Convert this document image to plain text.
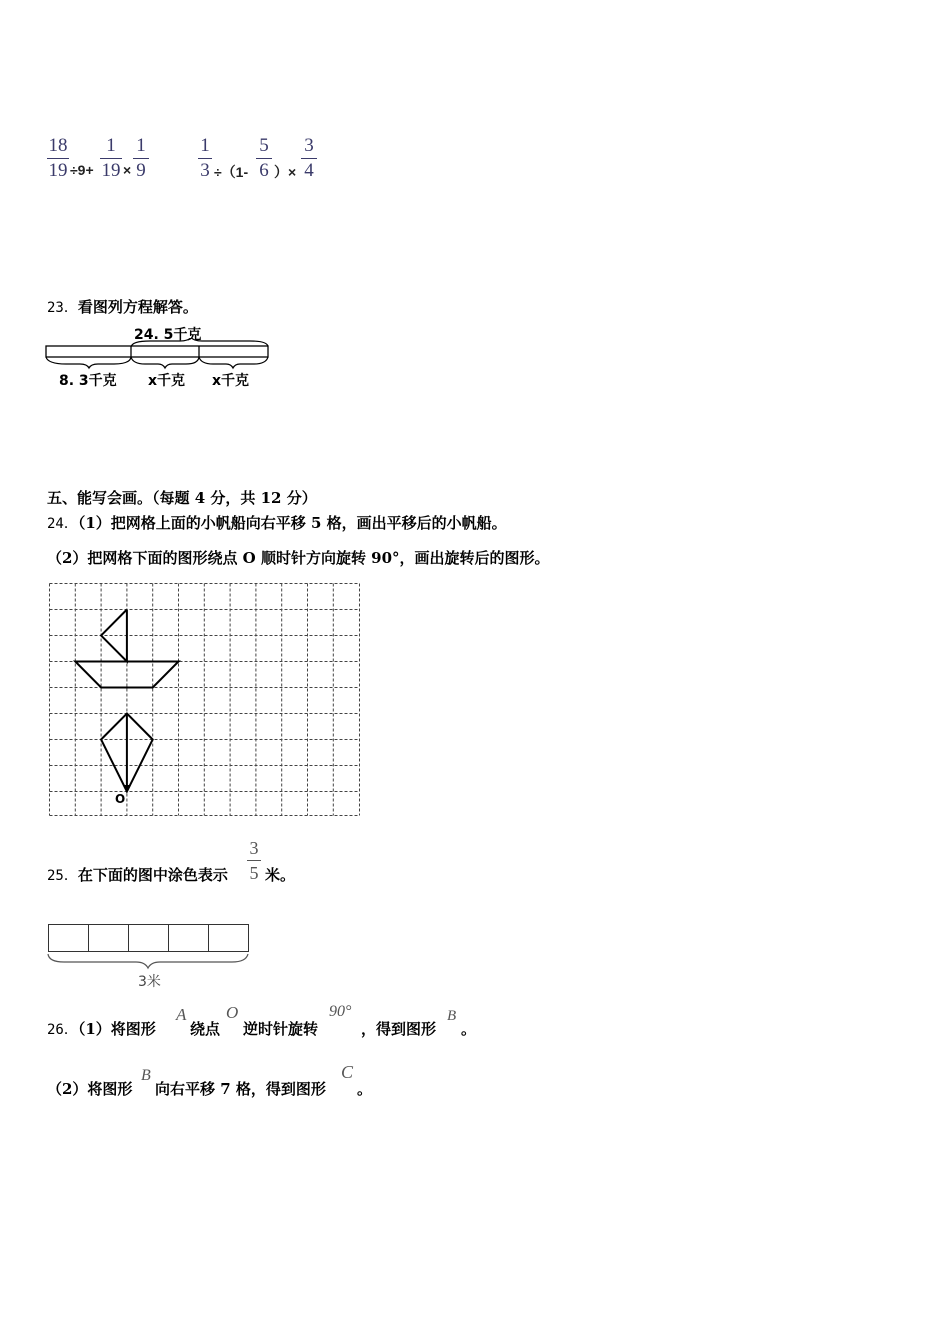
18
19 ÷9+
1
19 ×
1
9
1
3 ÷（1-
5
6 ）×
3
4
23．看图列方程解答。
24. 5千克
8. 3千克 x千克 x千克
五、能写会画。（每题 4 分，共 12 分）
24．（1）把网格上面的小帆船向右平移 5 格，画出平移后的小帆船。
（2）把网格下面的图形绕点 O 顺时针方向旋转 90°，画出旋转后的图形。
O
25．在下面的图中涂色表示
3
5 米。
3米
26．（1）将图形
A
绕点
O
逆时针旋转
90°
，得到图形
B
。
（2）将图形
B
向右平移 7 格，得到图形
C
。
